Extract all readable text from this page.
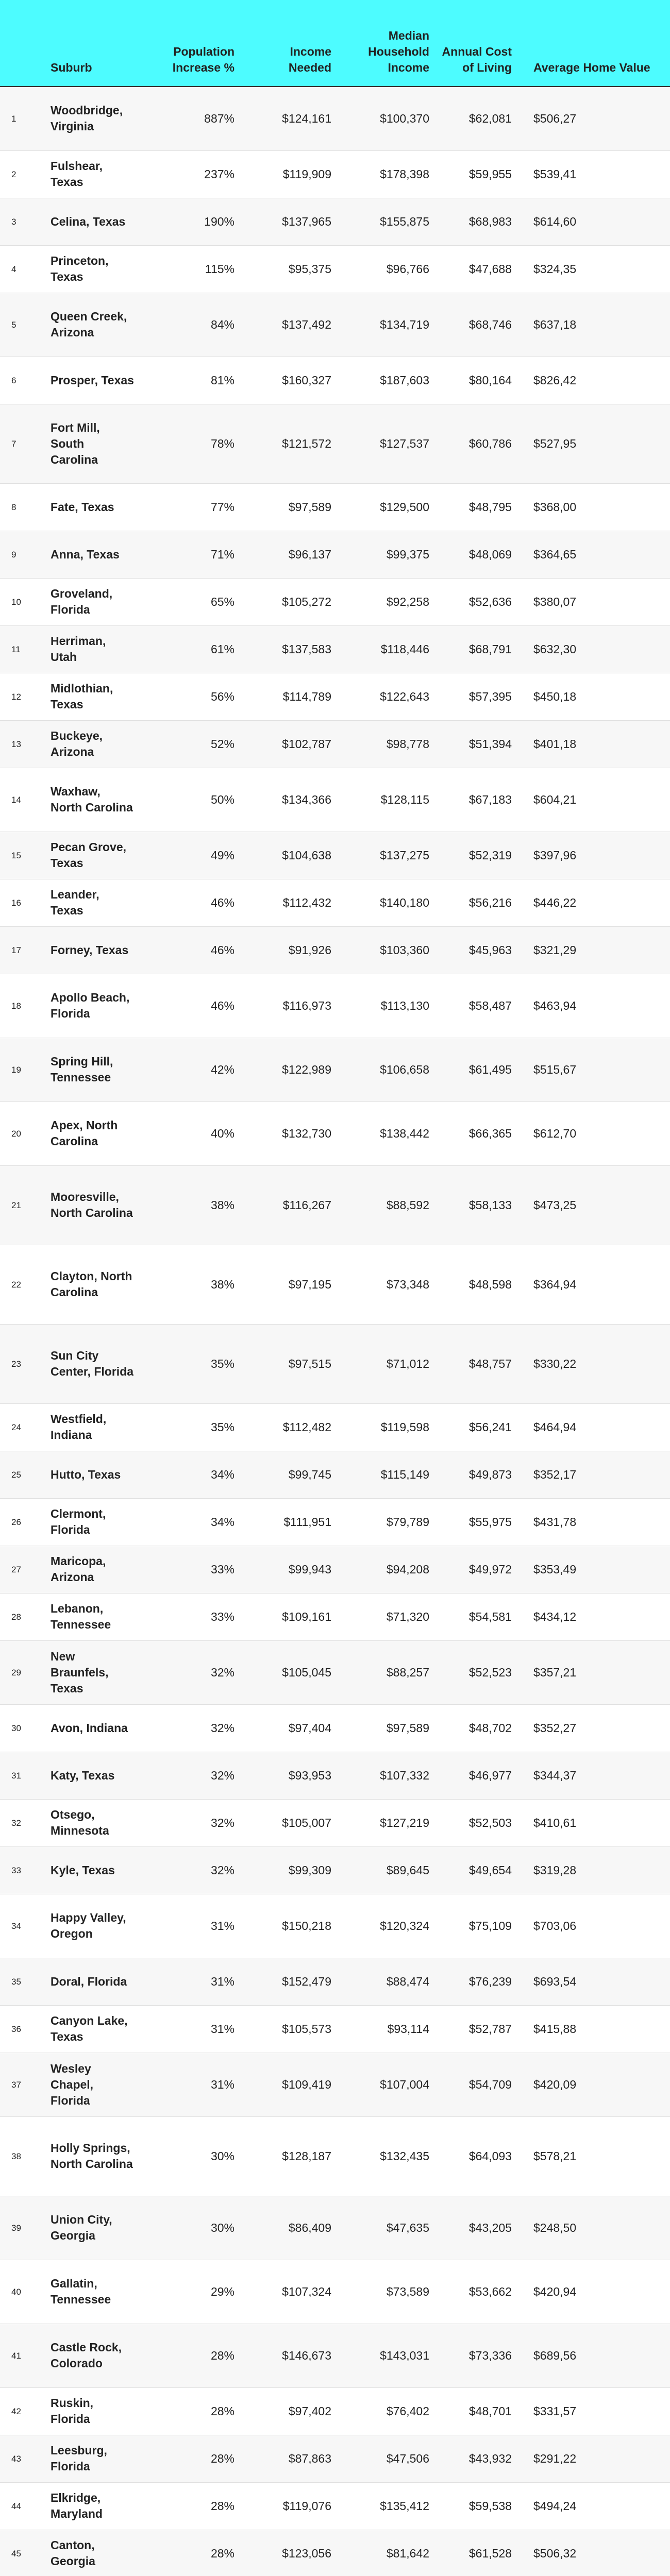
	Suburb	Population Increase %	Income Needed	Median Household Income	Annual Cost of Living	Average Home Value
1	Woodbridge, Virginia	887%	$124,161	$100,370	$62,081	$506,27
2	Fulshear, Texas	237%	$119,909	$178,398	$59,955	$539,41
3	Celina, Texas	190%	$137,965	$155,875	$68,983	$614,60
4	Princeton, Texas	115%	$95,375	$96,766	$47,688	$324,35
5	Queen Creek, Arizona	84%	$137,492	$134,719	$68,746	$637,18
6	Prosper, Texas	81%	$160,327	$187,603	$80,164	$826,42
7	Fort Mill, South Carolina	78%	$121,572	$127,537	$60,786	$527,95
8	Fate, Texas	77%	$97,589	$129,500	$48,795	$368,00
9	Anna, Texas	71%	$96,137	$99,375	$48,069	$364,65
10	Groveland, Florida	65%	$105,272	$92,258	$52,636	$380,07
11	Herriman, Utah	61%	$137,583	$118,446	$68,791	$632,30
12	Midlothian, Texas	56%	$114,789	$122,643	$57,395	$450,18
13	Buckeye, Arizona	52%	$102,787	$98,778	$51,394	$401,18
14	Waxhaw, North Carolina	50%	$134,366	$128,115	$67,183	$604,21
15	Pecan Grove, Texas	49%	$104,638	$137,275	$52,319	$397,96
16	Leander, Texas	46%	$112,432	$140,180	$56,216	$446,22
17	Forney, Texas	46%	$91,926	$103,360	$45,963	$321,29
18	Apollo Beach, Florida	46%	$116,973	$113,130	$58,487	$463,94
19	Spring Hill, Tennessee	42%	$122,989	$106,658	$61,495	$515,67
20	Apex, North Carolina	40%	$132,730	$138,442	$66,365	$612,70
21	Mooresville, North Carolina	38%	$116,267	$88,592	$58,133	$473,25
22	Clayton, North Carolina	38%	$97,195	$73,348	$48,598	$364,94
23	Sun City Center, Florida	35%	$97,515	$71,012	$48,757	$330,22
24	Westfield, Indiana	35%	$112,482	$119,598	$56,241	$464,94
25	Hutto, Texas	34%	$99,745	$115,149	$49,873	$352,17
26	Clermont, Florida	34%	$111,951	$79,789	$55,975	$431,78
27	Maricopa, Arizona	33%	$99,943	$94,208	$49,972	$353,49
28	Lebanon, Tennessee	33%	$109,161	$71,320	$54,581	$434,12
29	New Braunfels, Texas	32%	$105,045	$88,257	$52,523	$357,21
30	Avon, Indiana	32%	$97,404	$97,589	$48,702	$352,27
31	Katy, Texas	32%	$93,953	$107,332	$46,977	$344,37
32	Otsego, Minnesota	32%	$105,007	$127,219	$52,503	$410,61
33	Kyle, Texas	32%	$99,309	$89,645	$49,654	$319,28
34	Happy Valley, Oregon	31%	$150,218	$120,324	$75,109	$703,06
35	Doral, Florida	31%	$152,479	$88,474	$76,239	$693,54
36	Canyon Lake, Texas	31%	$105,573	$93,114	$52,787	$415,88
37	Wesley Chapel, Florida	31%	$109,419	$107,004	$54,709	$420,09
38	Holly Springs, North Carolina	30%	$128,187	$132,435	$64,093	$578,21
39	Union City, Georgia	30%	$86,409	$47,635	$43,205	$248,50
40	Gallatin, Tennessee	29%	$107,324	$73,589	$53,662	$420,94
41	Castle Rock, Colorado	28%	$146,673	$143,031	$73,336	$689,56
42	Ruskin, Florida	28%	$97,402	$76,402	$48,701	$331,57
43	Leesburg, Florida	28%	$87,863	$47,506	$43,932	$291,22
44	Elkridge, Maryland	28%	$119,076	$135,412	$59,538	$494,24
45	Canton, Georgia	28%	$123,056	$81,642	$61,528	$506,32
